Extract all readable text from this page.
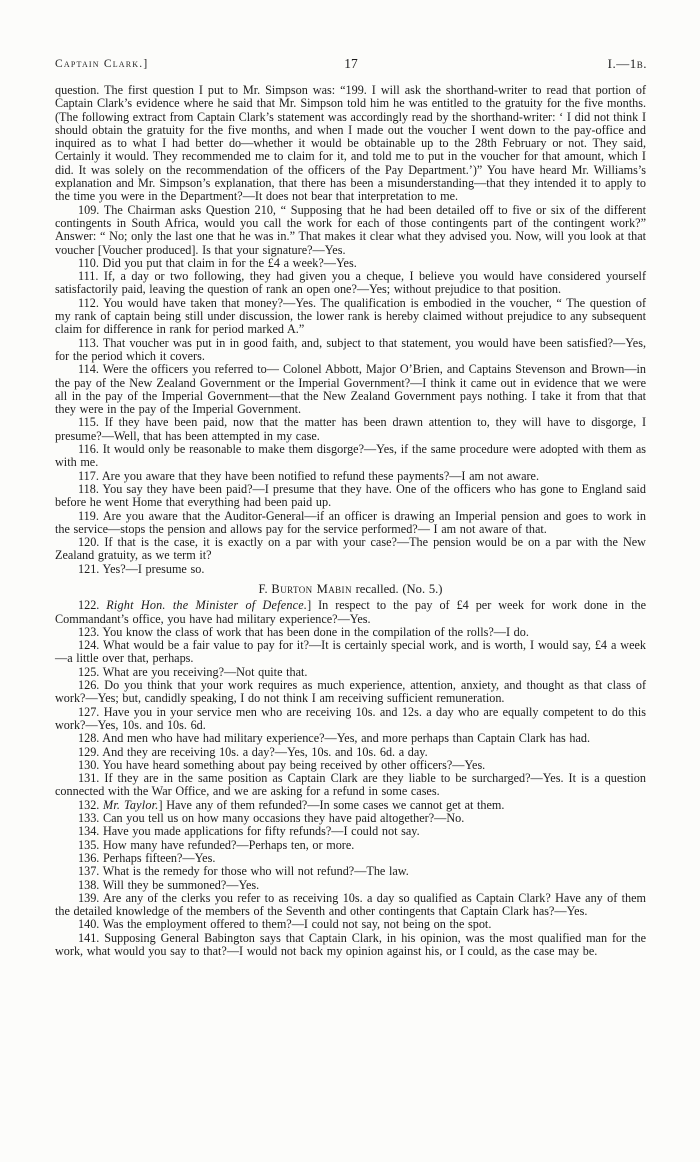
Captain Clark.]	17	I.—1b.

question. The first question I put to Mr. Simpson was: “199. I will ask the shorthand-writer to read that portion of Captain Clark’s evidence where he said that Mr. Simpson told him he was entitled to the gratuity for the five months. (The following extract from Captain Clark’s statement was accordingly read by the shorthand-writer: ‘ I did not think I should obtain the gratuity for the five months, and when I made out the voucher I went down to the pay-office and inquired as to what I had better do—whether it would be obtainable up to the 28th February or not. They said, Certainly it would. They recommended me to claim for it, and told me to put in the voucher for that amount, which I did. It was solely on the recommendation of the officers of the Pay Department.’)” You have heard Mr. Williams’s explanation and Mr. Simpson’s explanation, that there has been a misunderstanding—that they intended it to apply to the time you were in the Department?—It does not bear that interpretation to me.

109. The Chairman asks Question 210, “ Supposing that he had been detailed off to five or six of the different contingents in South Africa, would you call the work for each of those contingents part of the contingent work?” Answer: “ No; only the last one that he was in.” That makes it clear what they advised you. Now, will you look at that voucher [Voucher produced]. Is that your signature?—Yes.

110. Did you put that claim in for the £4 a week?—Yes.

111. If, a day or two following, they had given you a cheque, I believe you would have considered yourself satisfactorily paid, leaving the question of rank an open one?—Yes; without prejudice to that position.

112. You would have taken that money?—Yes. The qualification is embodied in the voucher, “ The question of my rank of captain being still under discussion, the lower rank is hereby claimed without prejudice to any subsequent claim for difference in rank for period marked A.”

113. That voucher was put in in good faith, and, subject to that statement, you would have been satisfied?—Yes, for the period which it covers.

114. Were the officers you referred to— Colonel Abbott, Major O’Brien, and Captains Stevenson and Brown—in the pay of the New Zealand Government or the Imperial Government?—I think it came out in evidence that we were all in the pay of the Imperial Government—that the New Zealand Government pays nothing. I take it from that that they were in the pay of the Imperial Government.

115. If they have been paid, now that the matter has been drawn attention to, they will have to disgorge, I presume?—Well, that has been attempted in my case.

116. It would only be reasonable to make them disgorge?—Yes, if the same procedure were adopted with them as with me.

117. Are you aware that they have been notified to refund these payments?—I am not aware.

118. You say they have been paid?—I presume that they have. One of the officers who has gone to England said before he went Home that everything had been paid up.

119. Are you aware that the Auditor-General—if an officer is drawing an Imperial pension and goes to work in the service—stops the pension and allows pay for the service performed?— I am not aware of that.

120. If that is the case, it is exactly on a par with your case?—The pension would be on a par with the New Zealand gratuity, as we term it?

121. Yes?—I presume so.

F. Burton Mabin recalled. (No. 5.)

122. Right Hon. the Minister of Defence.] In respect to the pay of £4 per week for work done in the Commandant’s office, you have had military experience?—Yes.

123. You know the class of work that has been done in the compilation of the rolls?—I do.

124. What would be a fair value to pay for it?—It is certainly special work, and is worth, I would say, £4 a week—a little over that, perhaps.

125. What are you receiving?—Not quite that.

126. Do you think that your work requires as much experience, attention, anxiety, and thought as that class of work?—Yes; but, candidly speaking, I do not think I am receiving sufficient remuneration.

127. Have you in your service men who are receiving 10s. and 12s. a day who are equally competent to do this work?—Yes, 10s. and 10s. 6d.

128. And men who have had military experience?—Yes, and more perhaps than Captain Clark has had.

129. And they are receiving 10s. a day?—Yes, 10s. and 10s. 6d. a day.

130. You have heard something about pay being received by other officers?—Yes.

131. If they are in the same position as Captain Clark are they liable to be surcharged?—Yes. It is a question connected with the War Office, and we are asking for a refund in some cases.

132. Mr. Taylor.] Have any of them refunded?—In some cases we cannot get at them.

133. Can you tell us on how many occasions they have paid altogether?—No.

134. Have you made applications for fifty refunds?—I could not say.

135. How many have refunded?—Perhaps ten, or more.

136. Perhaps fifteen?—Yes.

137. What is the remedy for those who will not refund?—The law.

138. Will they be summoned?—Yes.

139. Are any of the clerks you refer to as receiving 10s. a day so qualified as Captain Clark? Have any of them the detailed knowledge of the members of the Seventh and other contingents that Captain Clark has?—Yes.

140. Was the employment offered to them?—I could not say, not being on the spot.

141. Supposing General Babington says that Captain Clark, in his opinion, was the most qualified man for the work, what would you say to that?—I would not back my opinion against his, or I could, as the case may be.
